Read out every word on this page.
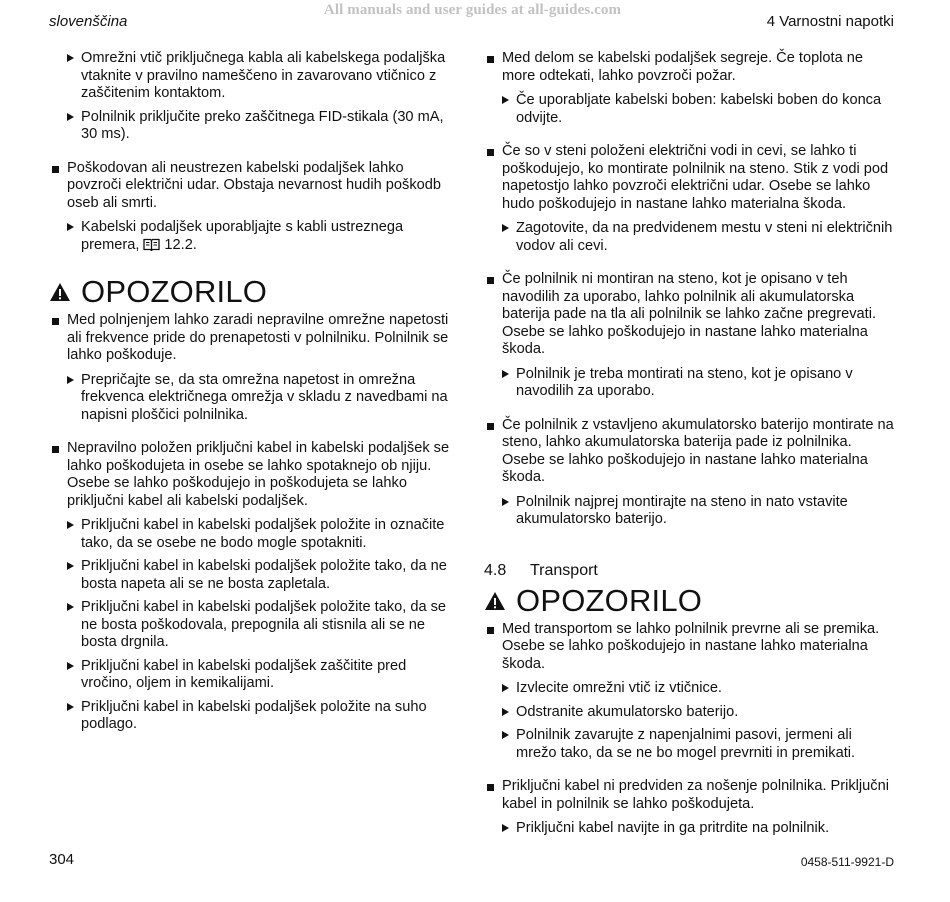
All manuals and user guides at all-guides.com
slovenščina	4 Varnostni napotki
Omrežni vtič priključnega kabla ali kabelskega podaljška vtaknite v pravilno nameščeno in zavarovano vtičnico z zaščitenim kontaktom.
Polnilnik priključite preko zaščitnega FID-stikala (30 mA, 30 ms).
Poškodovan ali neustrezen kabelski podaljšek lahko povzroči električni udar. Obstaja nevarnost hudih poškodb oseb ali smrti.
Kabelski podaljšek uporabljajte s kabli ustreznega premera, 12.2.
OPOZORILO
Med polnjenjem lahko zaradi nepravilne omrežne napetosti ali frekvence pride do prenapetosti v polnilniku. Polnilnik se lahko poškoduje.
Prepričajte se, da sta omrežna napetost in omrežna frekvenca električnega omrežja v skladu z navedbami na napisni ploščici polnilnika.
Nepravilno položen priključni kabel in kabelski podaljšek se lahko poškodujeta in osebe se lahko spotaknejo ob njiju. Osebe se lahko poškodujejo in poškodujeta se lahko priključni kabel ali kabelski podaljšek.
Priključni kabel in kabelski podaljšek položite in označite tako, da se osebe ne bodo mogle spotakniti.
Priključni kabel in kabelski podaljšek položite tako, da ne bosta napeta ali se ne bosta zapletala.
Priključni kabel in kabelski podaljšek položite tako, da se ne bosta poškodovala, prepognila ali stisnila ali se ne bosta drgnila.
Priključni kabel in kabelski podaljšek zaščitite pred vročino, oljem in kemikalijami.
Priključni kabel in kabelski podaljšek položite na suho podlago.
Med delom se kabelski podaljšek segreje. Če toplota ne more odtekati, lahko povzroči požar.
Če uporabljate kabelski boben: kabelski boben do konca odvijte.
Če so v steni položeni električni vodi in cevi, se lahko ti poškodujejo, ko montirate polnilnik na steno. Stik z vodi pod napetostjo lahko povzroči električni udar. Osebe se lahko hudo poškodujejo in nastane lahko materialna škoda.
Zagotovite, da na predvidenem mestu v steni ni električnih vodov ali cevi.
Če polnilnik ni montiran na steno, kot je opisano v teh navodilih za uporabo, lahko polnilnik ali akumulatorska baterija pade na tla ali polnilnik se lahko začne pregrevati. Osebe se lahko poškodujejo in nastane lahko materialna škoda.
Polnilnik je treba montirati na steno, kot je opisano v navodilih za uporabo.
Če polnilnik z vstavljeno akumulatorsko baterijo montirate na steno, lahko akumulatorska baterija pade iz polnilnika. Osebe se lahko poškodujejo in nastane lahko materialna škoda.
Polnilnik najprej montirajte na steno in nato vstavite akumulatorsko baterijo.
4.8	Transport
OPOZORILO
Med transportom se lahko polnilnik prevrne ali se premika. Osebe se lahko poškodujejo in nastane lahko materialna škoda.
Izvlecite omrežni vtič iz vtičnice.
Odstranite akumulatorsko baterijo.
Polnilnik zavarujte z napenjalnimi pasovi, jermeni ali mrežo tako, da se ne bo mogel prevrniti in premikati.
Priključni kabel ni predviden za nošenje polnilnika. Priključni kabel in polnilnik se lahko poškodujeta.
Priključni kabel navijte in ga pritrdite na polnilnik.
304	0458-511-9921-D
